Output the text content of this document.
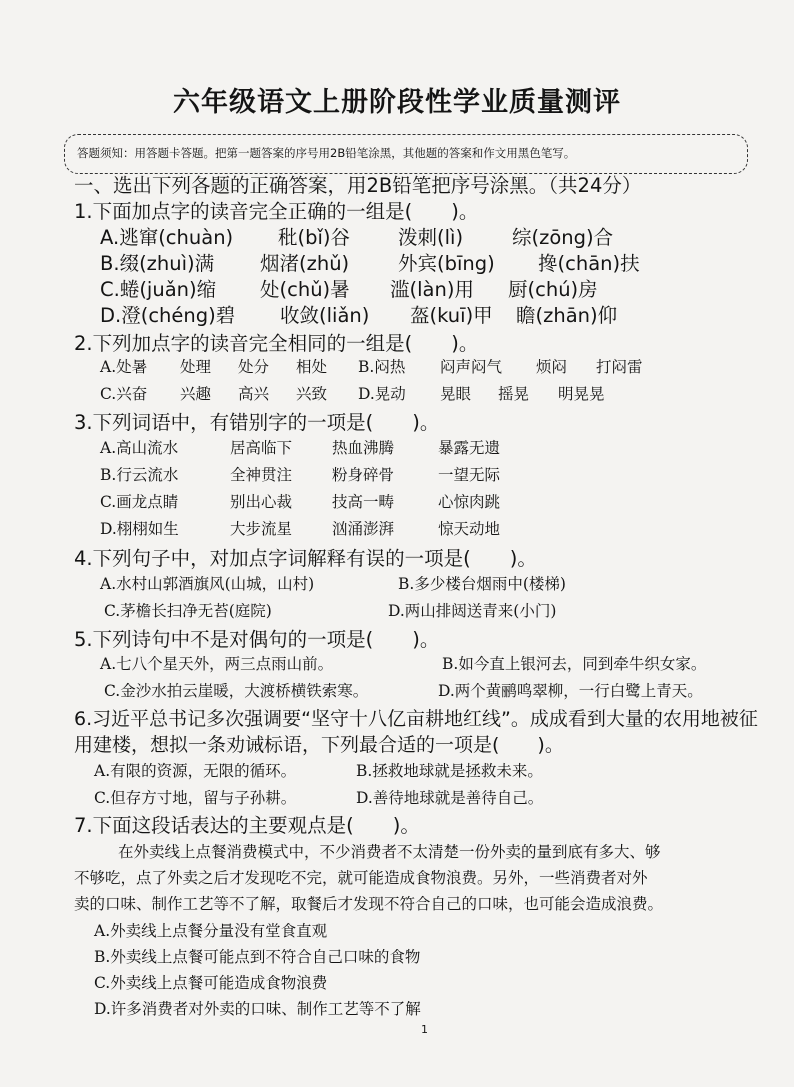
六年级语文上册阶段性学业质量测评
答题须知：用答题卡答题。把第一题答案的序号用2B铅笔涂黑，其他题的答案和作文用黑色笔写。
一、选出下列各题的正确答案，用2B铅笔把序号涂黑。（共24分）
1.下面加点字的读音完全正确的一组是(　　)。
A.逃窜(chuàn) 秕(bǐ)谷 泼刺(lì)	综(zōng)合
B.缀(zhuì)满 烟渚(zhǔ)	外宾(bīng) 搀(chān)扶
C.蜷(juǎn)缩 处(chǔ)暑 滥(làn)用 厨(chú)房
D.澄(chéng)碧 收敛(liǎn) 盔(kuī)甲 瞻(zhān)仰
2.下列加点字的读音完全相同的一组是(　　)。
A.处暑 处理 处分 相处 B.闷热 闷声闷气 烦闷 打闷雷
C.兴奋 兴趣 高兴 兴致 D.晃动 晃眼 摇晃 明晃晃
3.下列词语中，有错别字的一项是(　　)。
A.高山流水	居高临下	热血沸腾	暴露无遗
B.行云流水	全神贯注	粉身碎骨	一望无际
C.画龙点睛	别出心裁	技高一畴	心惊肉跳
D.栩栩如生	大步流星	汹涌澎湃	惊天动地
4.下列句子中，对加点字词解释有误的一项是(　　)。
A.水村山郭酒旗风(山城，山村)	B.多少楼台烟雨中(楼梯)
C.茅檐长扫净无苔(庭院)	D.两山排闼送青来(小门)
5.下列诗句中不是对偶句的一项是(　　)。
A.七八个星天外，两三点雨山前。	B.如今直上银河去，同到牵牛织女家。
C.金沙水拍云崖暖，大渡桥横铁索寒。	D.两个黄鹂鸣翠柳，一行白鹭上青天。
6.习近平总书记多次强调要“坚守十八亿亩耕地红线”。成成看到大量的农用地被征
用建楼，想拟一条劝诫标语，下列最合适的一项是(　　)。
A.有限的资源，无限的循环。	B.拯救地球就是拯救未来。
C.但存方寸地，留与子孙耕。	D.善待地球就是善待自己。
7.下面这段话表达的主要观点是(　　)。
在外卖线上点餐消费模式中，不少消费者不太清楚一份外卖的量到底有多大、够
不够吃，点了外卖之后才发现吃不完，就可能造成食物浪费。另外，一些消费者对外
卖的口味、制作工艺等不了解，取餐后才发现不符合自己的口味，也可能会造成浪费。
A.外卖线上点餐分量没有堂食直观
B.外卖线上点餐可能点到不符合自己口味的食物
C.外卖线上点餐可能造成食物浪费
D.许多消费者对外卖的口味、制作工艺等不了解
1
